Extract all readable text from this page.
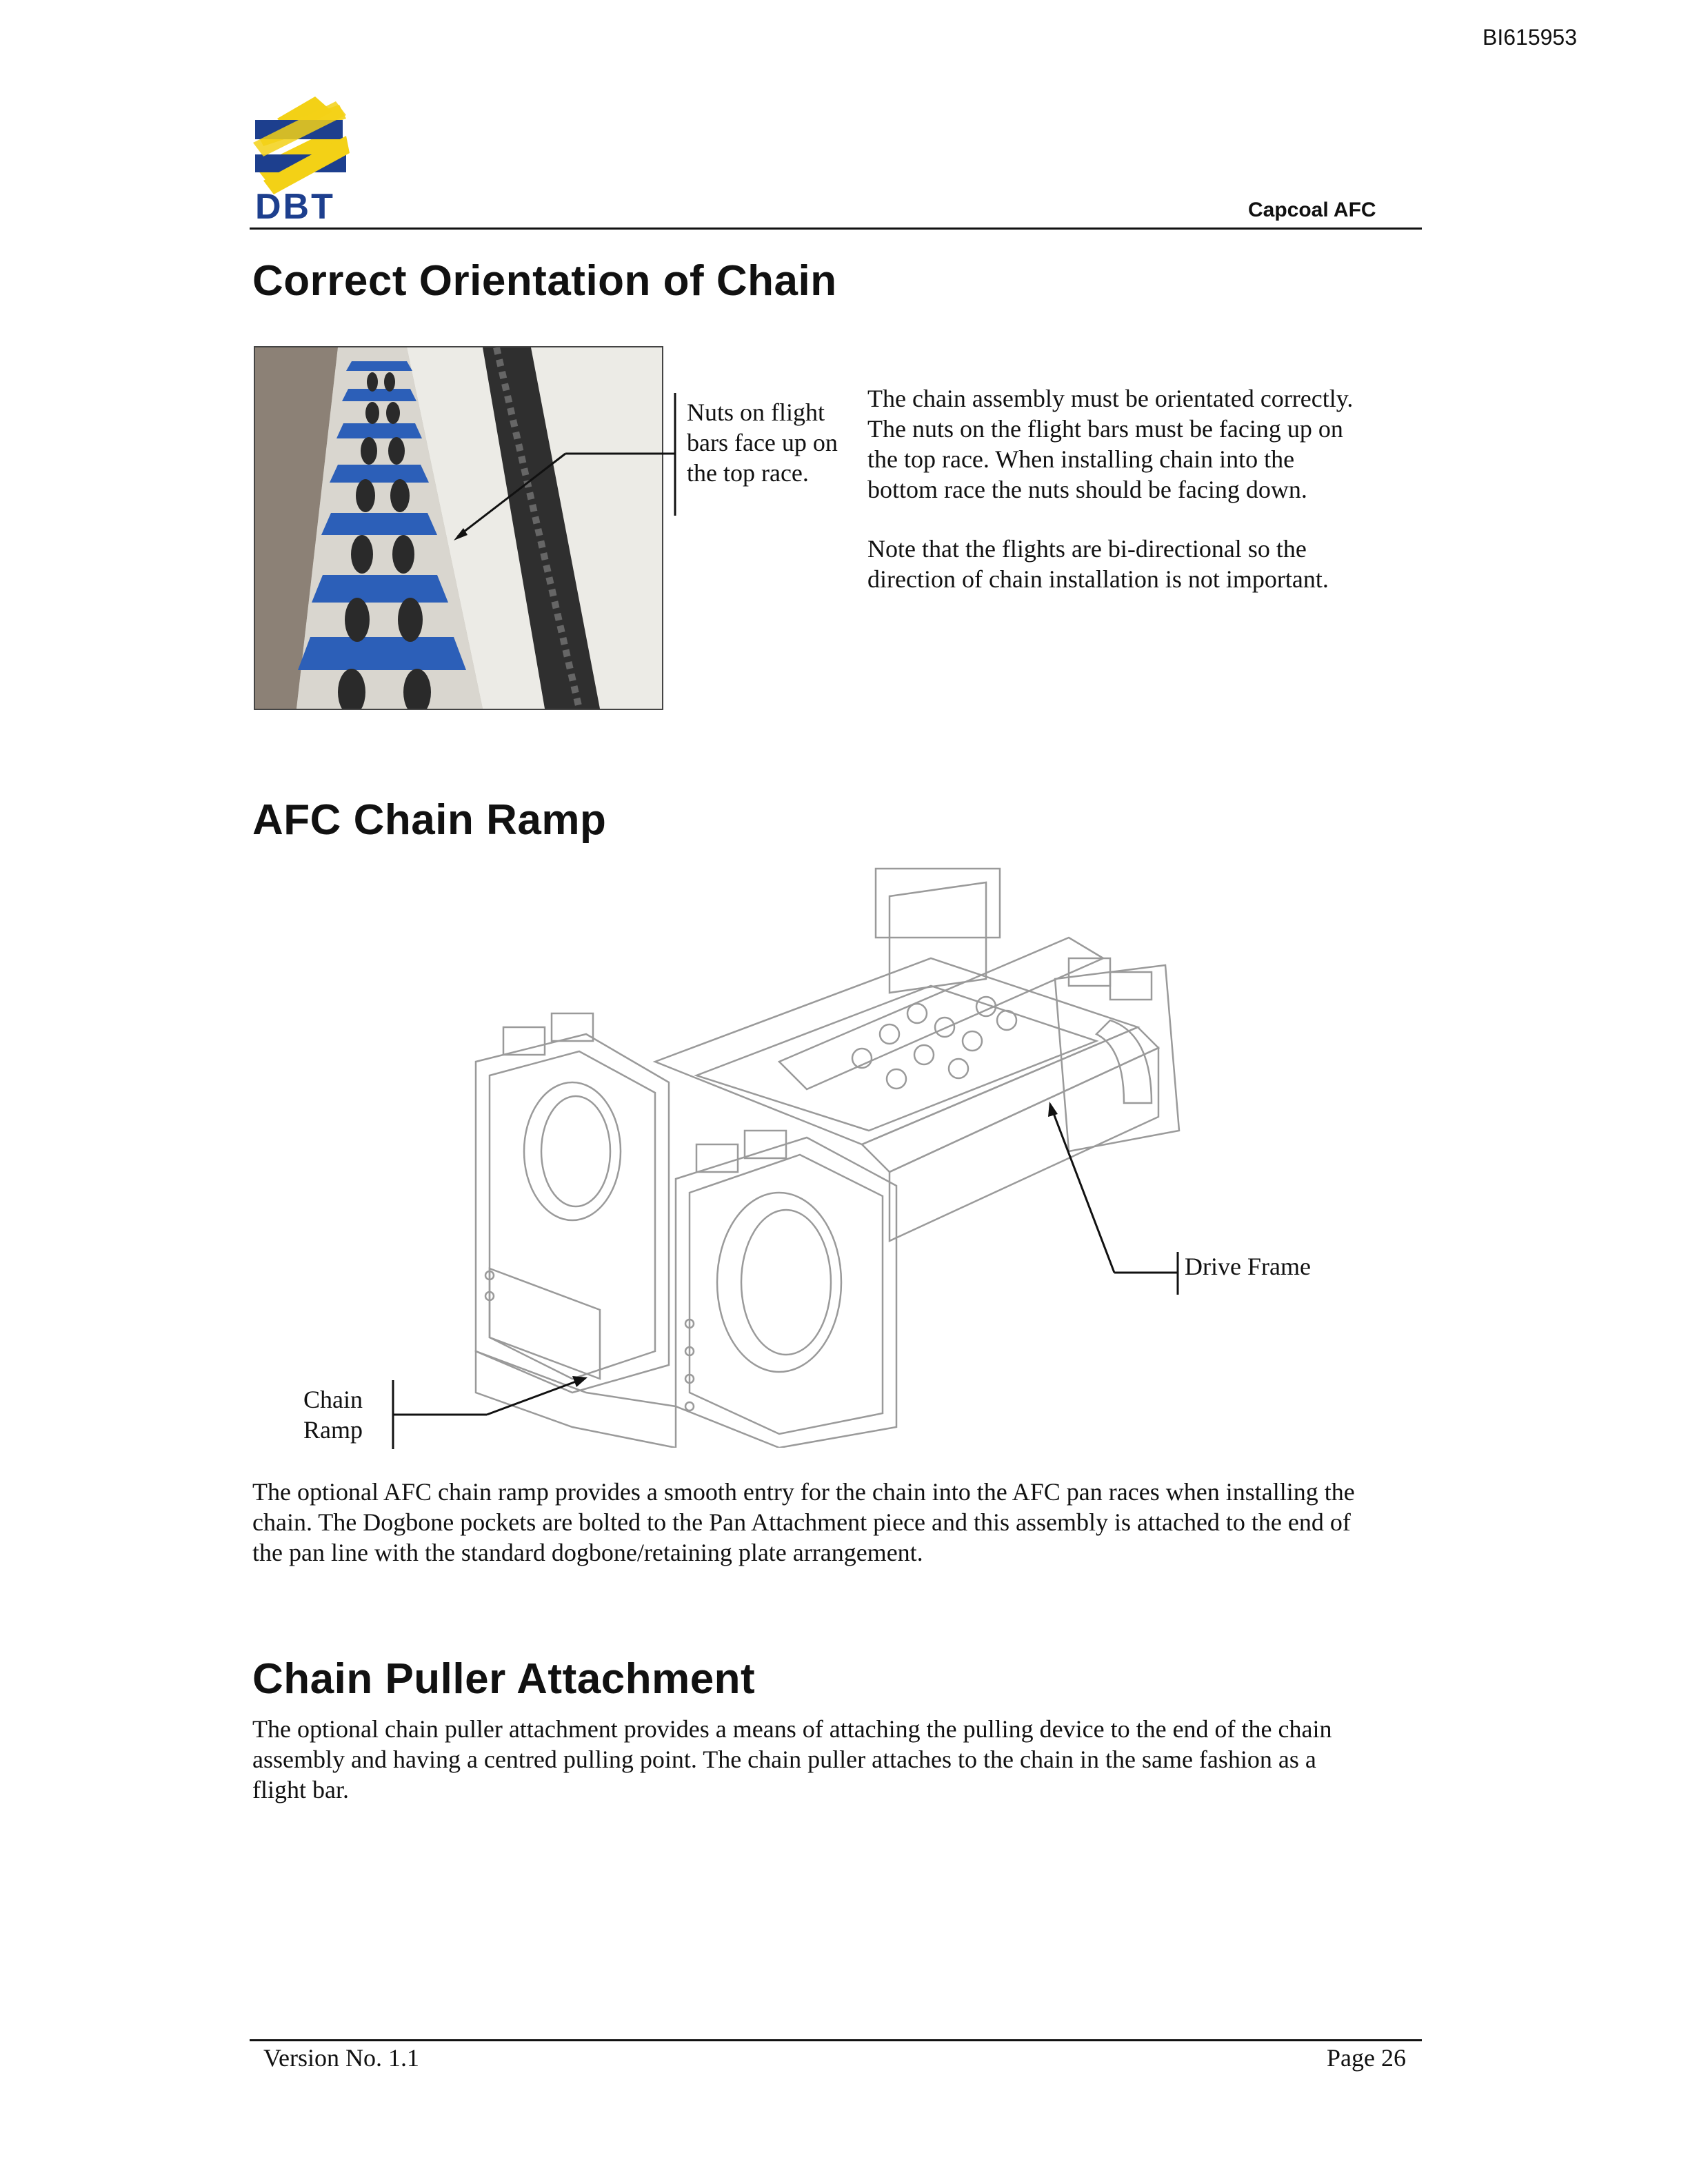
BI615953
DBT	Capcoal AFC
Correct Orientation of Chain
Nuts on flight
bars face up on
the top race.
The chain assembly must be orientated correctly.
The nuts on the flight bars must be facing up on
the top race. When installing chain into the
bottom race the nuts should be facing down.
Note that the flights are bi-directional so the
direction of chain installation is not important.
AFC Chain Ramp
Drive Frame
Chain
Ramp
The optional AFC chain ramp provides a smooth entry for the chain into the AFC pan races when installing the
chain. The Dogbone pockets are bolted to the Pan Attachment piece and this assembly is attached to the end of
the pan line with the standard dogbone/retaining plate arrangement.
Chain Puller Attachment
The optional chain puller attachment provides a means of attaching the pulling device to the end of the chain
assembly and having a centred pulling point. The chain puller attaches to the chain in the same fashion as a
flight bar.
Version No. 1.1	Page 26
